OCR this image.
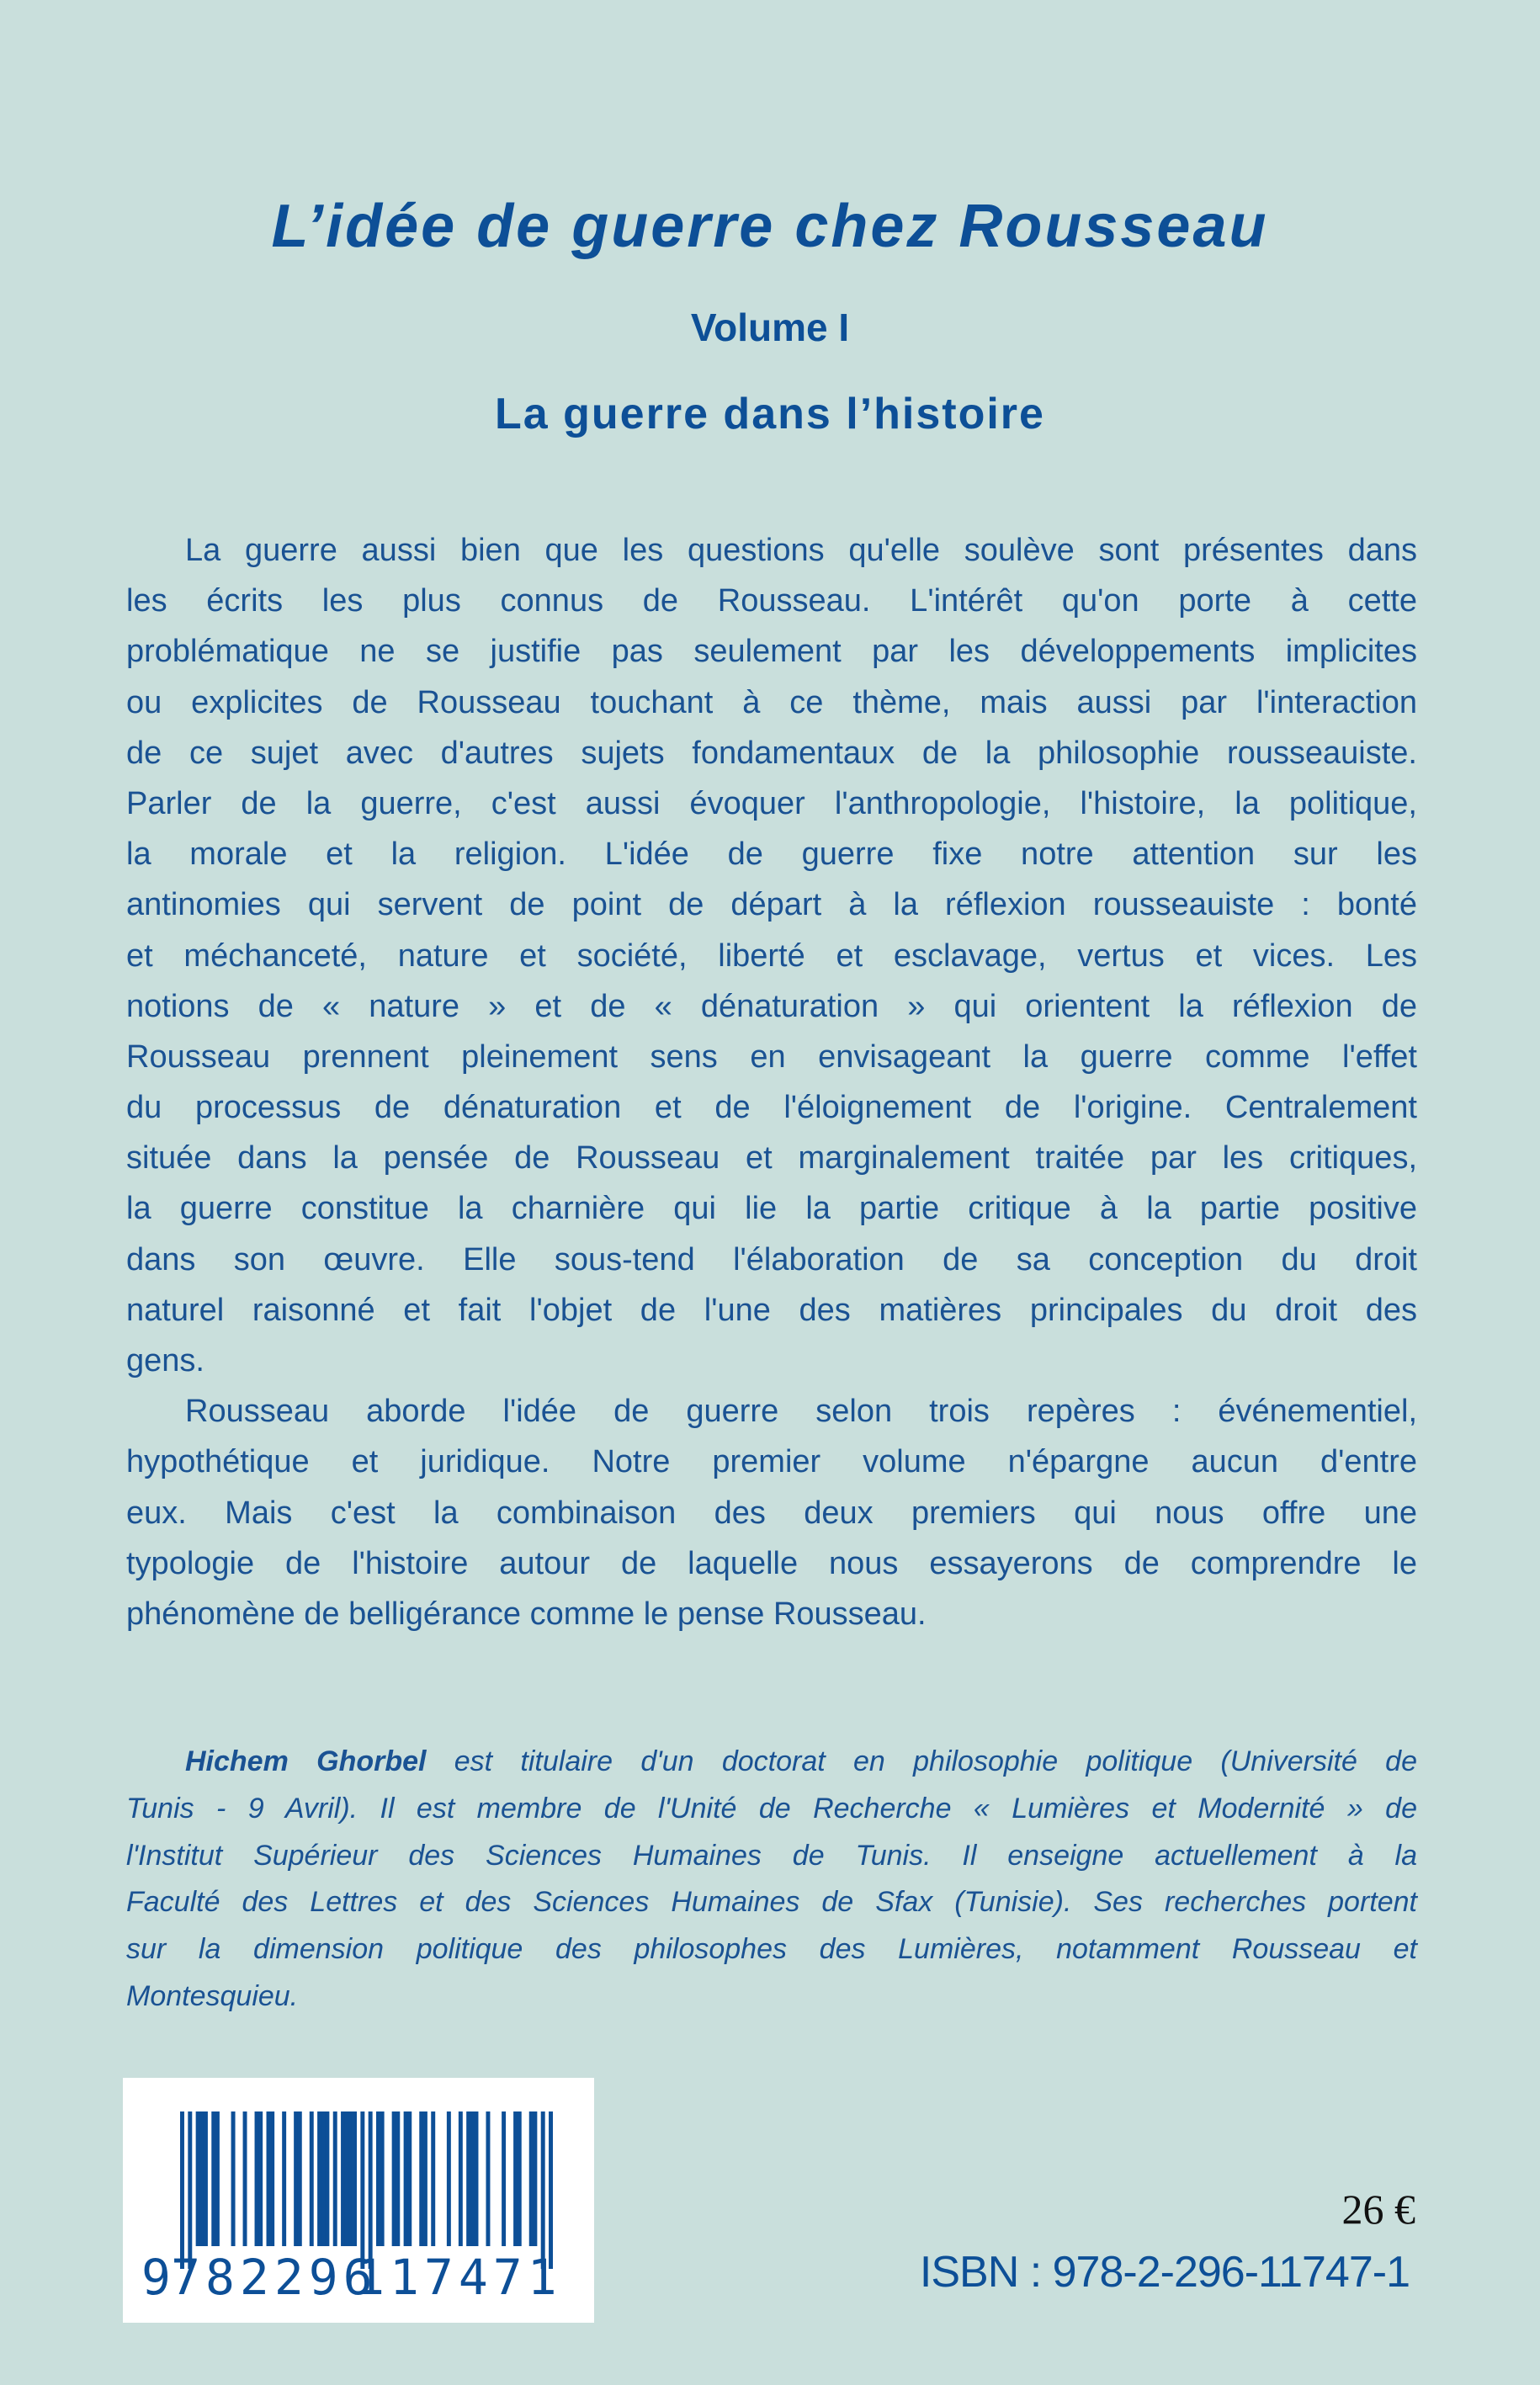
L’idée de guerre chez Rousseau
Volume I
La guerre dans l’histoire
La guerre aussi bien que les questions qu'elle soulève sont présentes dans
les écrits les plus connus de Rousseau. L'intérêt qu'on porte à cette
problématique ne se justifie pas seulement par les développements implicites
ou explicites de Rousseau touchant à ce thème, mais aussi par l'interaction
de ce sujet avec d'autres sujets fondamentaux de la philosophie rousseauiste.
Parler de la guerre, c'est aussi évoquer l'anthropologie, l'histoire, la politique,
la morale et la religion. L'idée de guerre fixe notre attention sur les
antinomies qui servent de point de départ à la réflexion rousseauiste : bonté
et méchanceté, nature et société, liberté et esclavage, vertus et vices. Les
notions de « nature » et de « dénaturation » qui orientent la réflexion de
Rousseau prennent pleinement sens en envisageant la guerre comme l'effet
du processus de dénaturation et de l'éloignement de l'origine. Centralement
située dans la pensée de Rousseau et marginalement traitée par les critiques,
la guerre constitue la charnière qui lie la partie critique à la partie positive
dans son œuvre. Elle sous-tend l'élaboration de sa conception du droit
naturel raisonné et fait l'objet de l'une des matières principales du droit des
gens.
Rousseau aborde l'idée de guerre selon trois repères : événementiel,
hypothétique et juridique. Notre premier volume n'épargne aucun d'entre
eux. Mais c'est la combinaison des deux premiers qui nous offre une
typologie de l'histoire autour de laquelle nous essayerons de comprendre le
phénomène de belligérance comme le pense Rousseau.
Hichem Ghorbel est titulaire d'un doctorat en philosophie politique (Université de
Tunis - 9 Avril). Il est membre de l'Unité de Recherche « Lumières et Modernité » de
l'Institut Supérieur des Sciences Humaines de Tunis. Il enseigne actuellement à la
Faculté des Lettres et des Sciences Humaines de Sfax (Tunisie). Ses recherches portent
sur la dimension politique des philosophes des Lumières, notamment Rousseau et
Montesquieu.
9
782296
117471
26 €
ISBN : 978-2-296-11747-1
